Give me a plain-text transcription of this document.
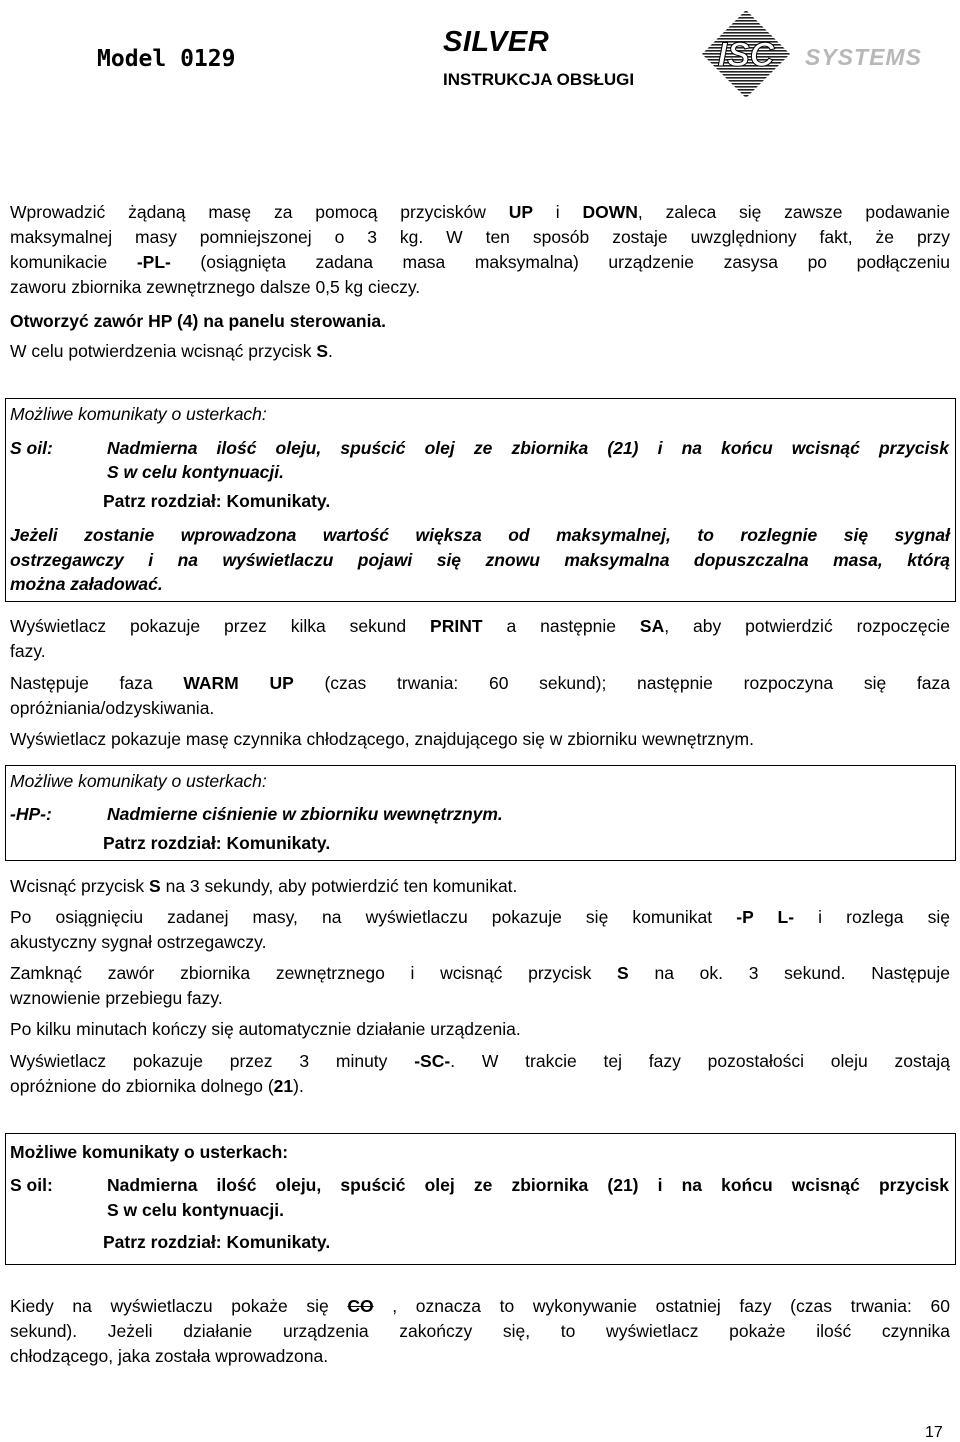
Model 0129
SILVER
INSTRUKCJA OBSŁUGI
ISC SYSTEMS
Wprowadzić żądaną masę za pomocą przycisków UP i DOWN, zaleca się zawsze podawanie
maksymalnej masy pomniejszonej o 3 kg. W ten sposób zostaje uwzględniony fakt, że przy
komunikacie -PL- (osiągnięta zadana masa maksymalna) urządzenie zasysa po podłączeniu
zaworu zbiornika zewnętrznego dalsze 0,5 kg cieczy.
Otworzyć zawór HP (4) na panelu sterowania.
W celu potwierdzenia wcisnąć przycisk S.
Możliwe komunikaty o usterkach:
S oil:	Nadmierna ilość oleju, spuścić olej ze zbiornika (21) i na końcu wcisnąć przycisk
S w celu kontynuacji.
Patrz rozdział: Komunikaty.
Jeżeli zostanie wprowadzona wartość większa od maksymalnej, to rozlegnie się sygnał
ostrzegawczy i na wyświetlaczu pojawi się znowu maksymalna dopuszczalna masa, którą
można załadować.
Wyświetlacz pokazuje przez kilka sekund PRINT a następnie SA, aby potwierdzić rozpoczęcie
fazy.
Następuje faza WARM UP (czas trwania: 60 sekund); następnie rozpoczyna się faza
opróżniania/odzyskiwania.
Wyświetlacz pokazuje masę czynnika chłodzącego, znajdującego się w zbiorniku wewnętrznym.
Możliwe komunikaty o usterkach:
-HP-:	Nadmierne ciśnienie w zbiorniku wewnętrznym.
Patrz rozdział: Komunikaty.
Wcisnąć przycisk S na 3 sekundy, aby potwierdzić ten komunikat.
Po osiągnięciu zadanej masy, na wyświetlaczu pokazuje się komunikat -P L- i rozlega się
akustyczny sygnał ostrzegawczy.
Zamknąć zawór zbiornika zewnętrznego i wcisnąć przycisk S na ok. 3 sekund. Następuje
wznowienie przebiegu fazy.
Po kilku minutach kończy się automatycznie działanie urządzenia.
Wyświetlacz pokazuje przez 3 minuty -SC-. W trakcie tej fazy pozostałości oleju zostają
opróżnione do zbiornika dolnego (21).
Możliwe komunikaty o usterkach:
S oil:	Nadmierna ilość oleju, spuścić olej ze zbiornika (21) i na końcu wcisnąć przycisk
S w celu kontynuacji.
Patrz rozdział: Komunikaty.
Kiedy na wyświetlaczu pokaże się CO , oznacza to wykonywanie ostatniej fazy (czas trwania: 60
sekund). Jeżeli działanie urządzenia zakończy się, to wyświetlacz pokaże ilość czynnika
chłodzącego, jaka została wprowadzona.
17
